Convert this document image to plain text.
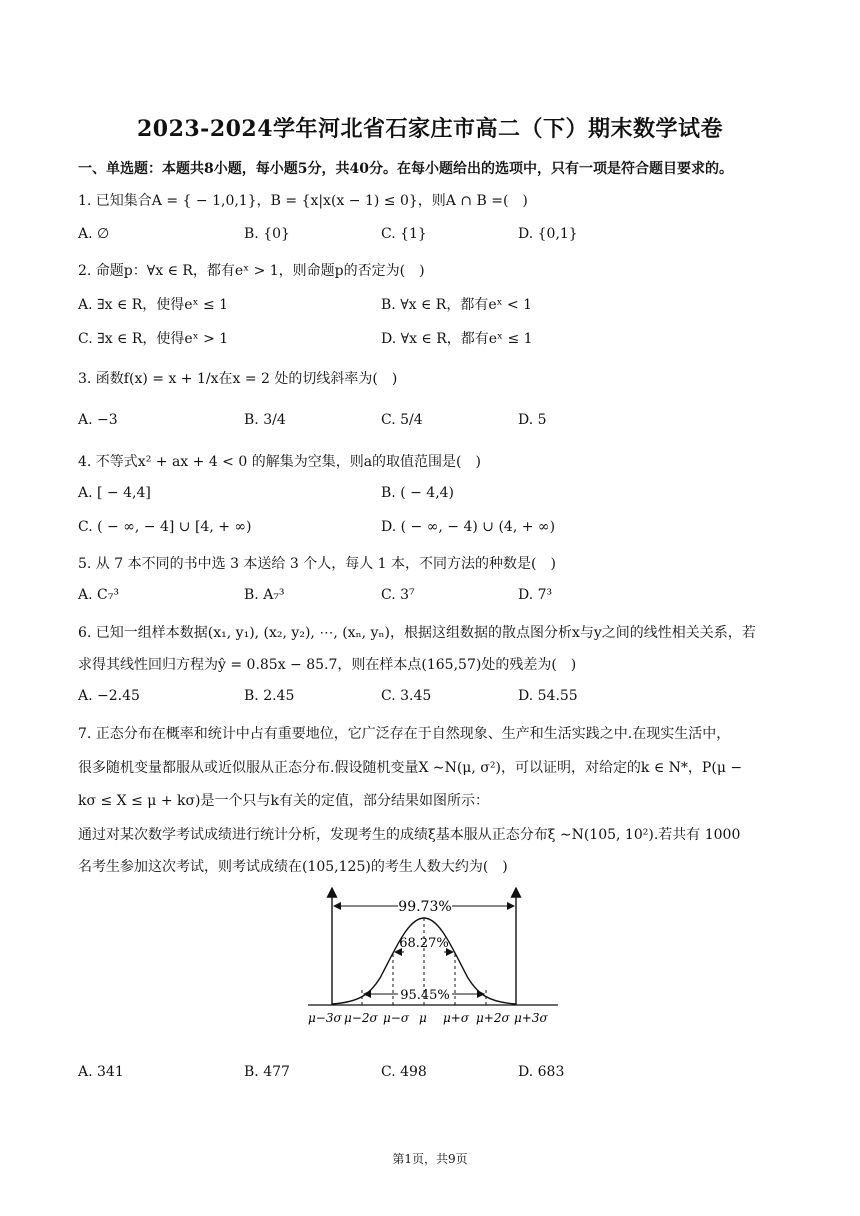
2023-2024学年河北省石家庄市高二（下）期末数学试卷
一、单选题：本题共8小题，每小题5分，共40分。在每小题给出的选项中，只有一项是符合题目要求的。
1. 已知集合A = { − 1,0,1}，B = {x|x(x − 1) ≤ 0}，则A ∩ B =(　)
A. ∅	B. {0}	C. {1}	D. {0,1}
2. 命题p：∀x ∈ R，都有eˣ > 1，则命题p的否定为(　)
A. ∃x ∈ R，使得eˣ ≤ 1	B. ∀x ∈ R，都有eˣ < 1
C. ∃x ∈ R，使得eˣ > 1	D. ∀x ∈ R，都有eˣ ≤ 1
3. 函数f(x) = x + 1/x在x = 2 处的切线斜率为(　)
A. −3	B. 3/4	C. 5/4	D. 5
4. 不等式x² + ax + 4 < 0 的解集为空集，则a的取值范围是(　)
A. [ − 4,4]	B. ( − 4,4)
C. ( − ∞, − 4] ∪ [4, + ∞)	D. ( − ∞, − 4) ∪ (4, + ∞)
5. 从 7 本不同的书中选 3 本送给 3 个人，每人 1 本，不同方法的种数是(　)
A. C₇³	B. A₇³	C. 3⁷	D. 7³
6. 已知一组样本数据(x₁, y₁), (x₂, y₂), ⋯, (xₙ, yₙ)，根据这组数据的散点图分析x与y之间的线性相关关系，若
求得其线性回归方程为ŷ = 0.85x − 85.7，则在样本点(165,57)处的残差为(　)
A. −2.45	B. 2.45	C. 3.45	D. 54.55
7. 正态分布在概率和统计中占有重要地位，它广泛存在于自然现象、生产和生活实践之中.在现实生活中，
很多随机变量都服从或近似服从正态分布.假设随机变量X ∼N(μ, σ²)，可以证明，对给定的k ∈ N*，P(μ −
kσ ≤ X ≤ μ + kσ)是一个只与k有关的定值，部分结果如图所示：
通过对某次数学考试成绩进行统计分析，发现考生的成绩ξ基本服从正态分布ξ ∼N(105, 10²).若共有 1000
名考生参加这次考试，则考试成绩在(105,125)的考生人数大约为(　)
99.73%
68.27%
95.45%
μ−3σ μ−2σ μ−σ μ μ+σ μ+2σ μ+3σ
A. 341	B. 477	C. 498	D. 683
第1页，共9页
